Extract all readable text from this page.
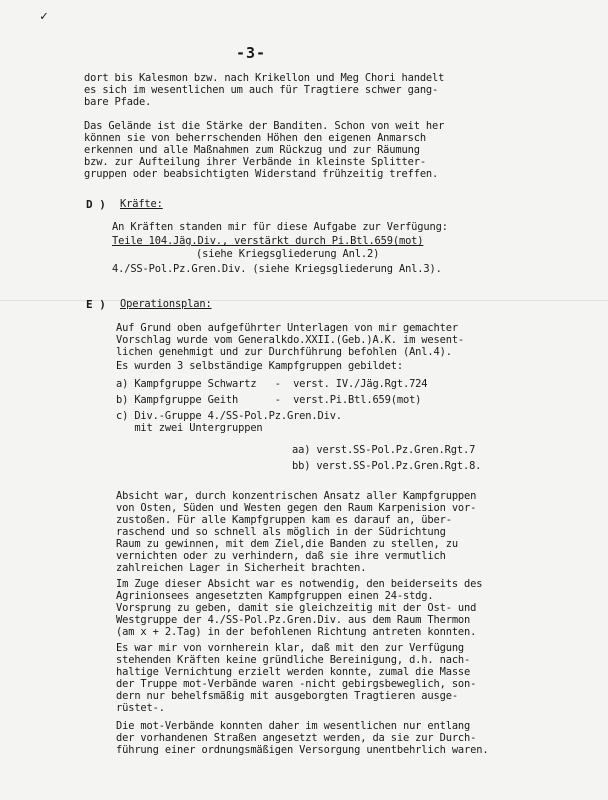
✓
-3-
dort bis Kalesmon bzw. nach Krikellon und Meg Chori handelt
es sich im wesentlichen um auch für Tragtiere schwer gang-
bare Pfade.
Das Gelände ist die Stärke der Banditen. Schon von weit her
können sie von beherrschenden Höhen den eigenen Anmarsch
erkennen und alle Maßnahmen zum Rückzug und zur Räumung
bzw. zur Aufteilung ihrer Verbände in kleinste Splitter-
gruppen oder beabsichtigten Widerstand frühzeitig treffen.
D ) Kräfte:
An Kräften standen mir für diese Aufgabe zur Verfügung:
Teile 104.Jäg.Div., verstärkt durch Pi.Btl.659(mot)
(siehe Kriegsgliederung Anl.2)
4./SS-Pol.Pz.Gren.Div. (siehe Kriegsgliederung Anl.3).
E ) Operationsplan:
Auf Grund oben aufgeführter Unterlagen von mir gemachter
Vorschlag wurde vom Generalkdo.XXII.(Geb.)A.K. im wesent-
lichen genehmigt und zur Durchführung befohlen (Anl.4).
Es wurden 3 selbständige Kampfgruppen gebildet:
a) Kampfgruppe Schwartz   -  verst. IV./Jäg.Rgt.724
b) Kampfgruppe Geith      -  verst.Pi.Btl.659(mot)
c) Div.-Gruppe 4./SS-Pol.Pz.Gren.Div.
mit zwei Untergruppen
aa) verst.SS-Pol.Pz.Gren.Rgt.7
bb) verst.SS-Pol.Pz.Gren.Rgt.8.
Absicht war, durch konzentrischen Ansatz aller Kampfgruppen
von Osten, Süden und Westen gegen den Raum Karpenision vor-
zustoßen. Für alle Kampfgruppen kam es darauf an, über-
raschend und so schnell als möglich in der Südrichtung
Raum zu gewinnen, mit dem Ziel,die Banden zu stellen, zu
vernichten oder zu verhindern, daß sie ihre vermutlich
zahlreichen Lager in Sicherheit brachten.
Im Zuge dieser Absicht war es notwendig, den beiderseits des
Agrinionsees angesetzten Kampfgruppen einen 24-stdg.
Vorsprung zu geben, damit sie gleichzeitig mit der Ost- und
Westgruppe der 4./SS-Pol.Pz.Gren.Div. aus dem Raum Thermon
(am x + 2.Tag) in der befohlenen Richtung antreten konnten.
Es war mir von vornherein klar, daß mit den zur Verfügung
stehenden Kräften keine gründliche Bereinigung, d.h. nach-
haltige Vernichtung erzielt werden konnte, zumal die Masse
der Truppe mot-Verbände waren -nicht gebirgsbeweglich, son-
dern nur behelfsmäßig mit ausgeborgten Tragtieren ausge-
rüstet-.
Die mot-Verbände konnten daher im wesentlichen nur entlang
der vorhandenen Straßen angesetzt werden, da sie zur Durch-
führung einer ordnungsmäßigen Versorgung unentbehrlich waren.
